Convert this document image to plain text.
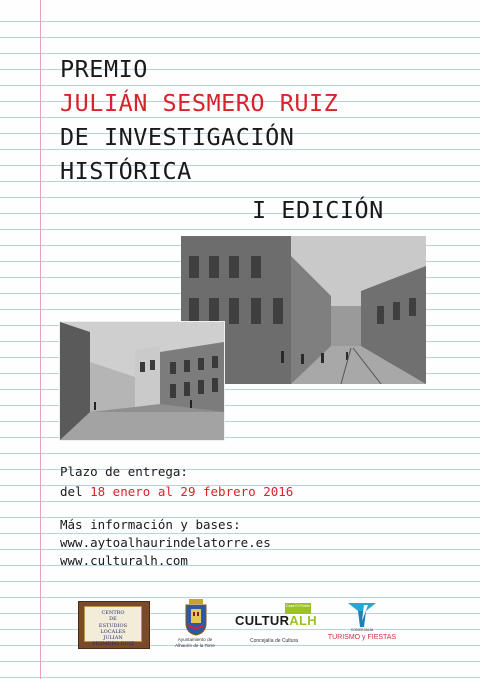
PREMIO
JULIÁN SESMERO RUIZ
DE INVESTIGACIÓN
HISTÓRICA
I EDICIÓN
Plazo de entrega:
del 18 enero al 29 febrero 2016
Más información y bases:
www.aytoalhaurindelatorre.es
www.culturalh.com
CENTRO
DE
ESTUDIOS
LOCALES
JULIAN
SESMERO RUIZ
Ayuntamiento de
Alhaurín de la Torre
Casa El Portón
CULTURALH
Concejalía de Cultura
CONCEJALÍA
TURISMO y FIESTAS
